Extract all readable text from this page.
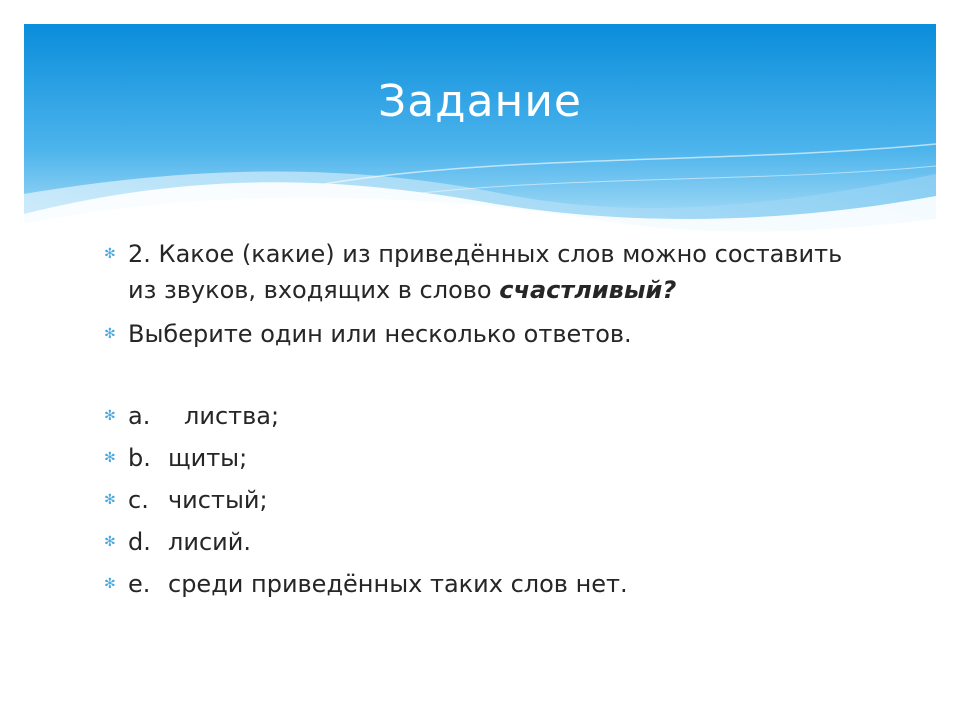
Задание

✻ 2. Какое (какие) из приведённых слов можно составить из звуков, входящих в слово счастливый?

✻ Выберите один или несколько ответов.

✻ a. листва;

✻ b. щиты;

✻ c. чистый;

✻ d. лисий.

✻ e. среди приведённых таких слов нет.
